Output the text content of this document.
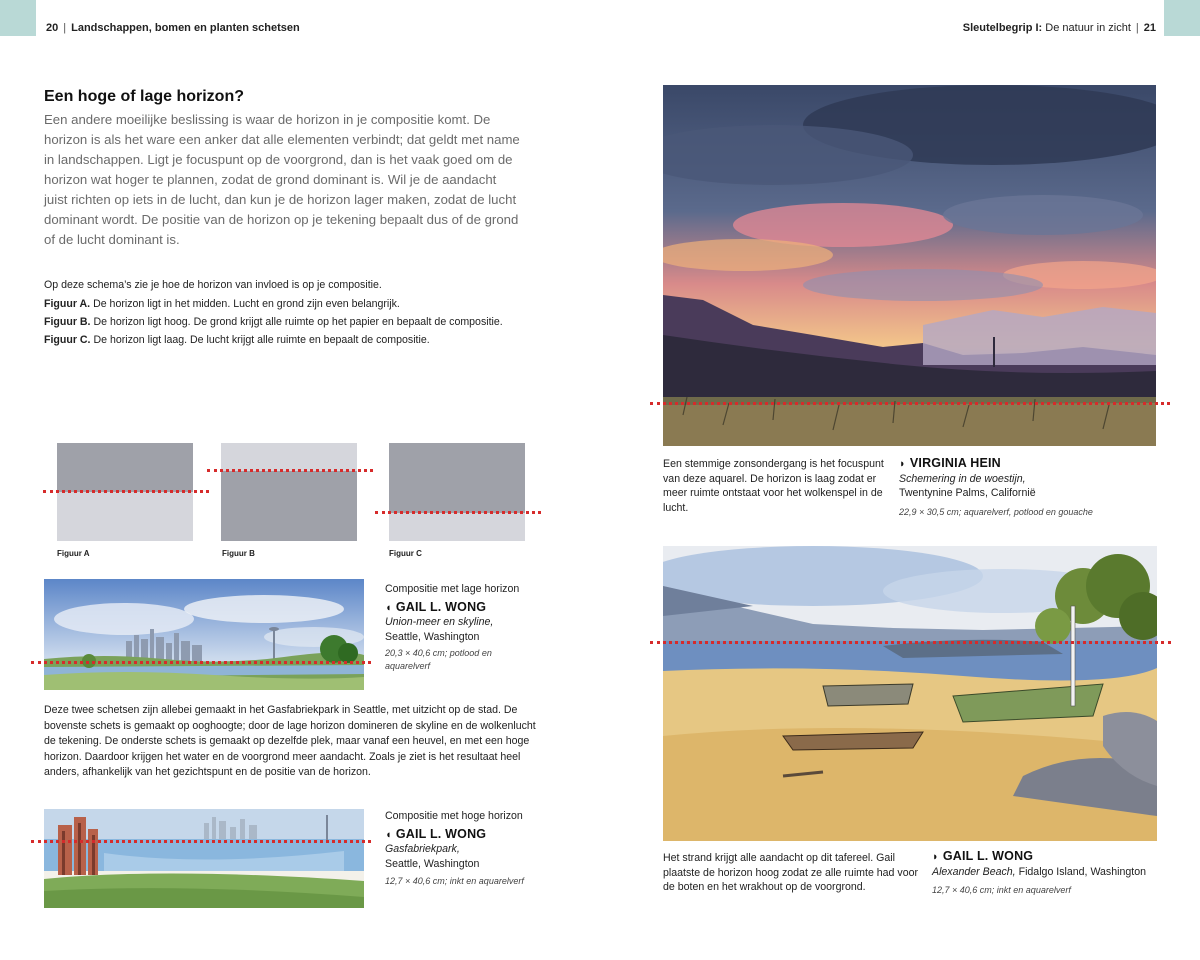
20 | Landschappen, bomen en planten schetsen	Sleutelbegrip I: De natuur in zicht | 21
Een hoge of lage horizon?
Een andere moeilijke beslissing is waar de horizon in je compositie komt. De horizon is als het ware een anker dat alle elementen verbindt; dat geldt met name in landschappen. Ligt je focuspunt op de voorgrond, dan is het vaak goed om de horizon wat hoger te plannen, zodat de grond dominant is. Wil je de aandacht juist richten op iets in de lucht, dan kun je de horizon lager maken, zodat de lucht dominant wordt. De positie van de horizon op je tekening bepaalt dus of de grond of de lucht dominant is.
Op deze schema’s zie je hoe de horizon van invloed is op je compositie.
Figuur A. De horizon ligt in het midden. Lucht en grond zijn even belangrijk.
Figuur B. De horizon ligt hoog. De grond krijgt alle ruimte op het papier en bepaalt de compositie.
Figuur C. De horizon ligt laag. De lucht krijgt alle ruimte en bepaalt de compositie.
Figuur A	Figuur B	Figuur C
Compositie met lage horizon
◖ GAIL L. WONG
Union-meer en skyline,
Seattle, Washington
20,3 × 40,6 cm; potlood en aquarelverf
Deze twee schetsen zijn allebei gemaakt in het Gasfabriekpark in Seattle, met uitzicht op de stad. De bovenste schets is gemaakt op ooghoogte; door de lage horizon domineren de skyline en de wolkenlucht de tekening. De onderste schets is gemaakt op dezelfde plek, maar vanaf een heuvel, en met een hoge horizon. Daardoor krijgen het water en de voorgrond meer aandacht. Zoals je ziet is het resultaat heel anders, afhankelijk van het gezichtspunt en de positie van de horizon.
Compositie met hoge horizon
◖ GAIL L. WONG
Gasfabriekpark,
Seattle, Washington
12,7 × 40,6 cm; inkt en aquarelverf
Een stemmige zonsondergang is het focuspunt van deze aquarel. De horizon is laag zodat er meer ruimte ontstaat voor het wolkenspel in de lucht.
◗ VIRGINIA HEIN
Schemering in de woestijn,
Twentynine Palms, Californië
22,9 × 30,5 cm; aquarelverf, potlood en gouache
Het strand krijgt alle aandacht op dit tafereel. Gail plaatste de horizon hoog zodat ze alle ruimte had voor de boten en het wrakhout op de voorgrond.
◗ GAIL L. WONG
Alexander Beach, Fidalgo Island, Washington
12,7 × 40,6 cm; inkt en aquarelverf
